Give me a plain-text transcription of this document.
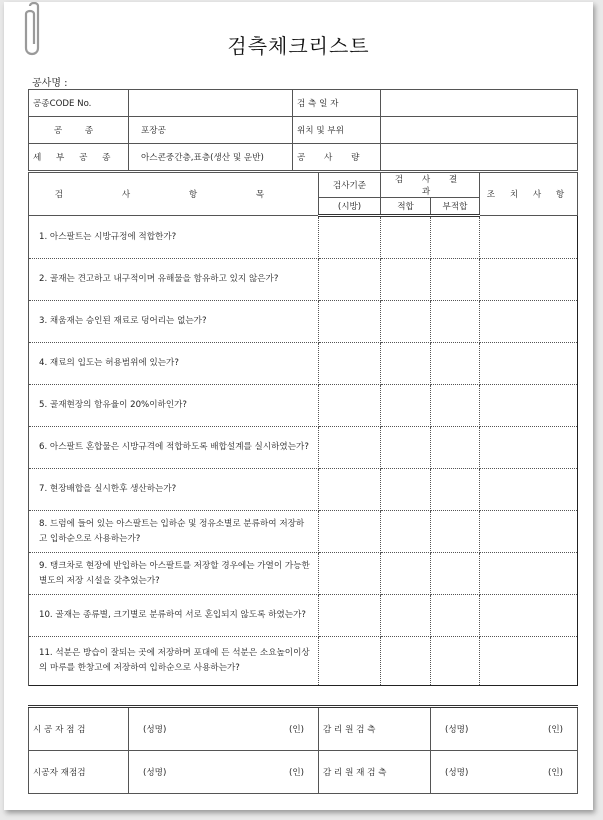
검측체크리스트
공사명 :
공종CODE No.		검 측 일 자	
공 종	포장공	위치 및 부위	
세 부 공 종	아스콘중간층,표층(생산 및 운반)	공 사 량	
검 사 항 목	검사기준	검 사 결 과		조 치 사 항
	(시방)	적합	부적합	
1. 아스팔트는 시방규정에 적합한가?				
2. 골재는 견고하고 내구적이며 유해물을 함유하고 있지 않은가?				
3. 채움재는 승인된 재료로 덩어리는 없는가?				
4. 재료의 입도는 허용범위에 있는가?				
5. 골재현장의 함유율이 20%이하인가?				
6. 아스팔트 혼합물은 시방규격에 적합하도록 배합설계를 실시하였는가?				
7. 현장배합을 실시한후 생산하는가?				
8. 드럼에 들어 있는 아스팔트는 입하순 및 정유소별로 분류하여 저장하고 입하순으로 사용하는가?				
9. 탱크차로 현장에 반입하는 아스팔트를 저장할 경우에는 가열이 가능한 별도의 저장 시설을 갖추었는가?				
10. 골재는 종류별, 크기별로 분류하여 서로 혼입되지 않도록 하였는가?				
11. 석분은 방습이 잘되는 곳에 저장하며 포대에 든 석분은 소요높이이상의 마루를 한창고에 저장하여 입하순으로 사용하는가?				
시 공 자 점 검	(성명) (인)	감 리 원 검 측	(성명) (인)

시공자 재점검	(성명) (인)	감 리 원 재 검 측	(성명) (인)
